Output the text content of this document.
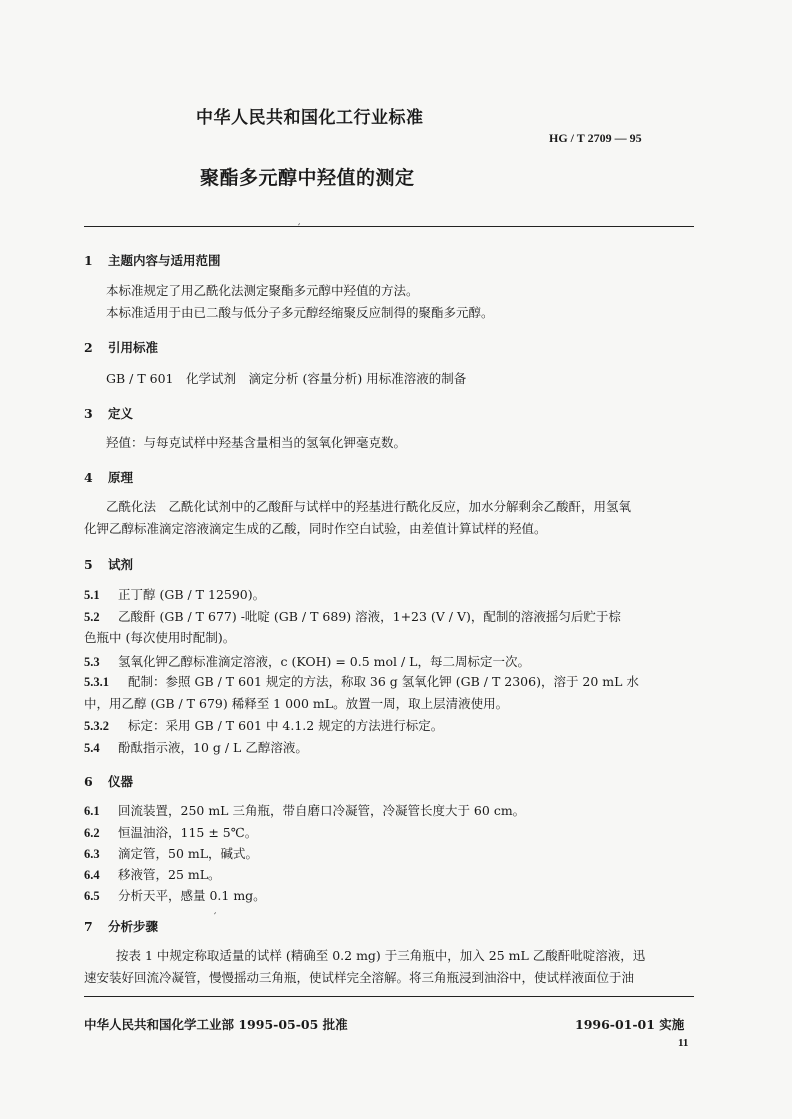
中华人民共和国化工行业标准
HG / T 2709 — 95
聚酯多元醇中羟值的测定
′
1 主题内容与适用范围
本标准规定了用乙酰化法测定聚酯多元醇中羟值的方法。
本标准适用于由已二酸与低分子多元醇经缩聚反应制得的聚酯多元醇。
2 引用标准
GB / T 601　化学试剂　滴定分析 (容量分析) 用标准溶液的制备
3 定义
羟值：与每克试样中羟基含量相当的氢氧化钾毫克数。
4 原理
乙酰化法　乙酰化试剂中的乙酸酐与试样中的羟基进行酰化反应，加水分解剩余乙酸酐，用氢氧
化钾乙醇标准滴定溶液滴定生成的乙酸，同时作空白试验，由差值计算试样的羟值。
5 试剂
5.1 正丁醇 (GB / T 12590)。
5.2 乙酸酐 (GB / T 677) -吡啶 (GB / T 689) 溶液，1+23 (V / V)，配制的溶液摇匀后贮于棕
色瓶中 (每次使用时配制)。
5.3 氢氧化钾乙醇标准滴定溶液，c (KOH) = 0.5 mol / L，每二周标定一次。
5.3.1 配制：参照 GB / T 601 规定的方法，称取 36 g 氢氧化钾 (GB / T 2306)，溶于 20 mL 水
中，用乙醇 (GB / T 679) 稀释至 1 000 mL。放置一周，取上层清液使用。
5.3.2 标定：采用 GB / T 601 中 4.1.2 规定的方法进行标定。
5.4 酚酞指示液，10 g / L 乙醇溶液。
6 仪器
6.1 回流装置，250 mL 三角瓶，带自磨口冷凝管，冷凝管长度大于 60 cm。
6.2 恒温油浴，115 ± 5℃。
6.3 滴定管，50 mL，碱式。
6.4 移液管，25 mL。
6.5 分析天平，感量 0.1 mg。
′
7 分析步骤
按表 1 中规定称取适量的试样 (精确至 0.2 mg) 于三角瓶中，加入 25 mL 乙酸酐吡啶溶液，迅
速安装好回流冷凝管，慢慢摇动三角瓶，使试样完全溶解。将三角瓶浸到油浴中，使试样液面位于油
中华人民共和国化学工业部 1995-05-05 批准	1996-01-01 实施
11
